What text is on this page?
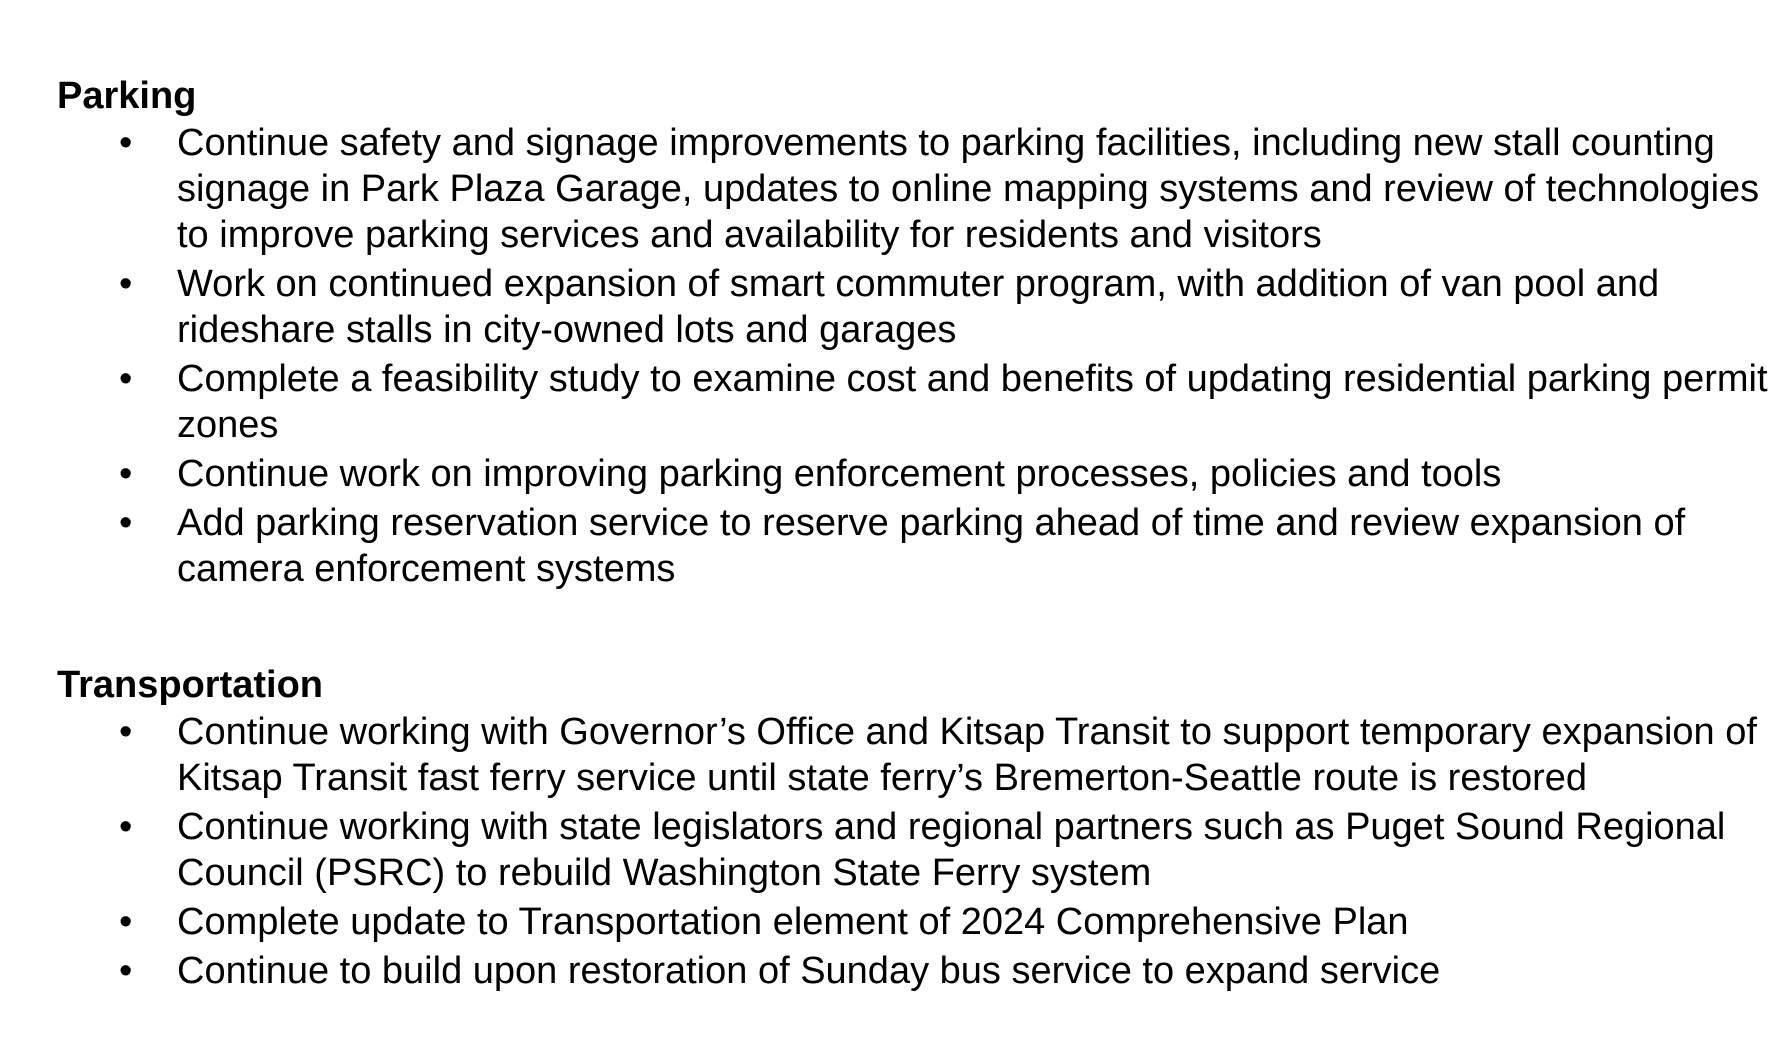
Parking
• Continue safety and signage improvements to parking facilities, including new stall counting signage in Park Plaza Garage, updates to online mapping systems and review of technologies to improve parking services and availability for residents and visitors
• Work on continued expansion of smart commuter program, with addition of van pool and rideshare stalls in city-owned lots and garages
• Complete a feasibility study to examine cost and benefits of updating residential parking permit zones
• Continue work on improving parking enforcement processes, policies and tools
• Add parking reservation service to reserve parking ahead of time and review expansion of camera enforcement systems
Transportation
• Continue working with Governor’s Office and Kitsap Transit to support temporary expansion of Kitsap Transit fast ferry service until state ferry’s Bremerton-Seattle route is restored
• Continue working with state legislators and regional partners such as Puget Sound Regional Council (PSRC) to rebuild Washington State Ferry system
• Complete update to Transportation element of 2024 Comprehensive Plan
• Continue to build upon restoration of Sunday bus service to expand service
